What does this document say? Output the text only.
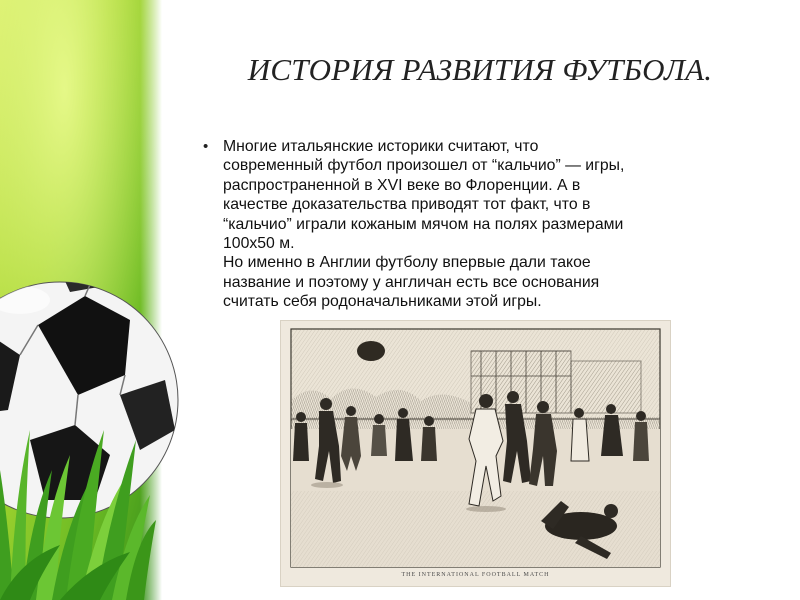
ИСТОРИЯ РАЗВИТИЯ ФУТБОЛА.
• Многие итальянские историки считают, что
современный футбол произошел от “кальчио” — игры,
распространенной в XVI веке во Флоренции. А в
качестве доказательства приводят тот факт, что в
“кальчио” играли кожаным мячом на полях размерами
100х50 м.
Но именно в Англии футболу впервые дали такое
название и поэтому у англичан есть все основания
считать себя родоначальниками этой игры.
THE INTERNATIONAL FOOTBALL MATCH
